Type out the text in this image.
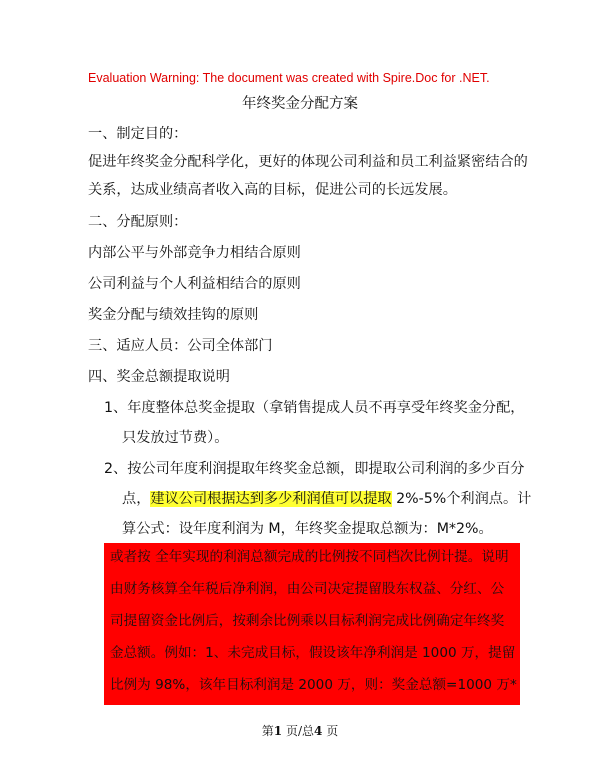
Evaluation Warning: The document was created with Spire.Doc for .NET.
年终奖金分配方案
一、制定目的：
促进年终奖金分配科学化，更好的体现公司利益和员工利益紧密结合的
关系，达成业绩高者收入高的目标，促进公司的长远发展。
二、分配原则：
内部公平与外部竞争力相结合原则
公司利益与个人利益相结合的原则
奖金分配与绩效挂钩的原则
三、适应人员：公司全体部门
四、奖金总额提取说明
1、年度整体总奖金提取（拿销售提成人员不再享受年终奖金分配，
只发放过节费）。
2、按公司年度利润提取年终奖金总额，即提取公司利润的多少百分
点，建议公司根据达到多少利润值可以提取 2%-5%个利润点。计
算公式：设年度利润为 M，年终奖金提取总额为：M*2%。
或者按 全年实现的利润总额完成的比例按不同档次比例计提。说明
由财务核算全年税后净利润，由公司决定提留股东权益、分红、公
司提留资金比例后，按剩余比例乘以目标利润完成比例确定年终奖
金总额。例如：1、未完成目标，假设该年净利润是 1000 万，提留
比例为 98%，该年目标利润是 2000 万，则：奖金总额=1000 万*
第1 页/总4 页
